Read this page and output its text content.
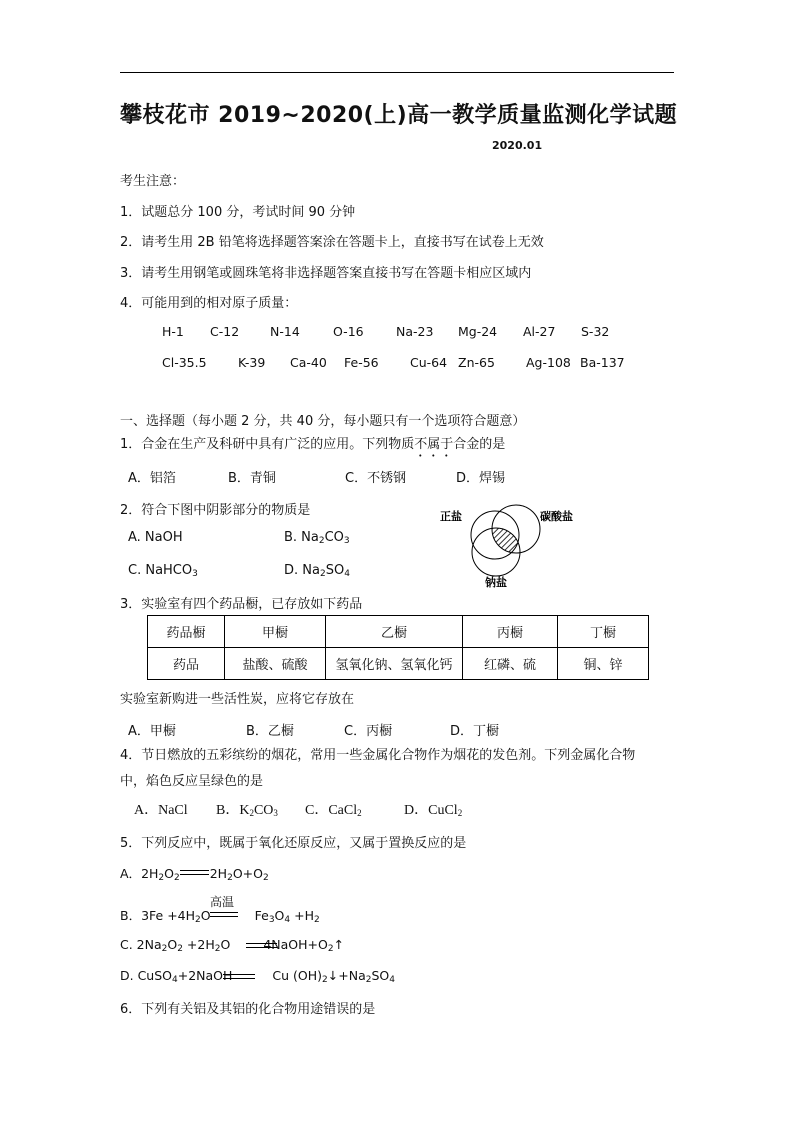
攀枝花市 2019~2020(上)高一教学质量监测化学试题
2020.01
考生注意：
1．试题总分 100 分，考试时间 90 分钟
2．请考生用 2B 铅笔将选择题答案涂在答题卡上，直接书写在试卷上无效
3．请考生用钢笔或圆珠笔将非选择题答案直接书写在答题卡相应区域内
4．可能用到的相对原子质量：
H-1 C-12 N-14	O-16	Na-23 Mg-24 Al-27 S-32
Cl-35.5	K-39 Ca-40 Fe-56	Cu-64 Zn-65 Ag-108 Ba-137
一、选择题（每小题 2 分，共 40 分，每小题只有一个选项符合题意）
1．合金在生产及科研中具有广泛的应用。下列物质不属于合金的是
A．铝箔	B．青铜	C．不锈钢	D．焊锡
2．符合下图中阴影部分的物质是
A. NaOH	B. $Na_2CO_3$
C. NaHCO$_3$	D. $Na_2SO_4$
正盐	碳酸盐
钠盐
3．实验室有四个药品橱，已存放如下药品
药品橱	甲橱	乙橱	丙橱	丁橱
药品	盐酸、硫酸	氢氧化钠、氢氧化钙	红磷、硫	铜、锌
实验室新购进一些活性炭，应将它存放在
A．甲橱	B．乙橱	C．丙橱	D．丁橱
4．节日燃放的五彩缤纷的烟花，常用一些金属化合物作为烟花的发色剂。下列金属化合物
中，焰色反应呈绿色的是
A．NaCl B．$K_2CO_3$ C．CaCl$_2$	D．CuCl$_2$
5．下列反应中，既属于氧化还原反应，又属于置换反应的是
A．$2H_2O_2$ $2H_2O+O_2$
高温
B．$3Fe +4H_2O$	$Fe_3O_4 +H_2$
C. $2Na_2O_2 +2H_2O$	$4NaOH+O_2↑$
D. CuSO$_4$+2NaOH	Cu $(OH)_2↓+Na_2SO_4$
6．下列有关铝及其铝的化合物用途错误的是
